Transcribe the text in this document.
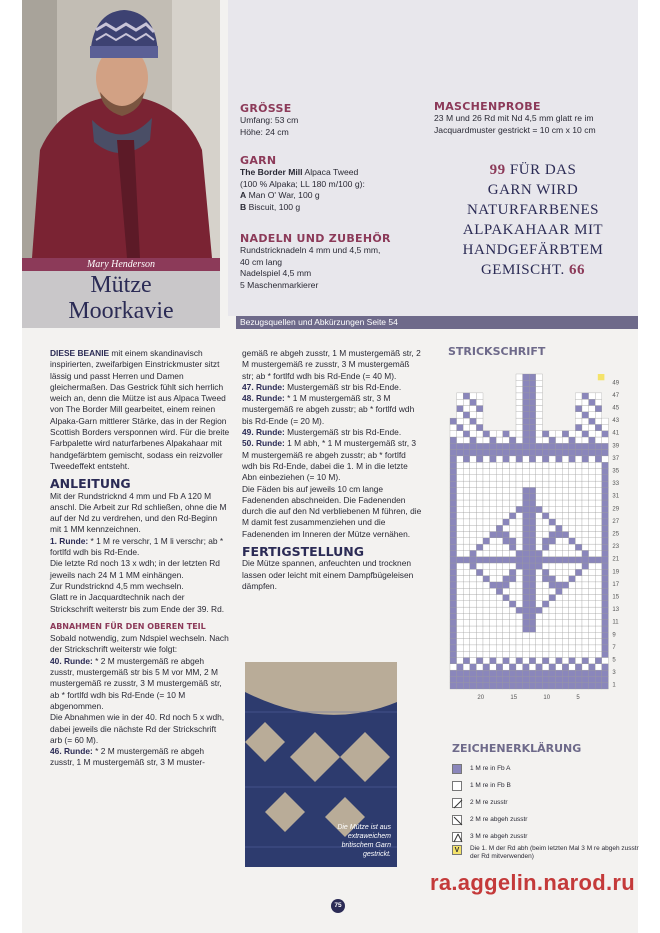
Mary Henderson
Mütze
Moorkavie
GRÖSSE
Umfang: 53 cm
Höhe: 24 cm
GARN
The Border Mill Alpaca Tweed
(100 % Alpaka; LL 180 m/100 g):
A Man O' War, 100 g
B Biscuit, 100 g
NADELN UND ZUBEHÖR
Rundstricknadeln 4 mm und 4,5 mm,
40 cm lang
Nadelspiel 4,5 mm
5 Maschenmarkierer
MASCHENPROBE
23 M und 26 Rd mit Nd 4,5 mm glatt re im
Jacquardmuster gestrickt = 10 cm x 10 cm
99 FÜR DAS
GARN WIRD
NATURFARBENES
ALPAKAHAAR MIT
HANDGEFÄRBTEM
GEMISCHT. 66
Bezugsquellen und Abkürzungen Seite 54
DIESE BEANIE mit einem skandinavisch inspirierten, zweifarbigen Einstrickmuster sitzt lässig und passt Herren und Damen gleichermaßen. Das Gestrick fühlt sich herrlich weich an, denn die Mütze ist aus Alpaca Tweed von The Border Mill gearbeitet, einem reinen Alpaka-Garn mittlerer Stärke, das in der Region Scottish Borders versponnen wird. Für die breite Farbpalette wird naturfarbenes Alpakahaar mit handgefärbtem gemischt, sodass ein reizvoller Tweedeffekt entsteht.
ANLEITUNG
Mit der Rundstricknd 4 mm und Fb A 120 M anschl. Die Arbeit zur Rd schließen, ohne die M auf der Nd zu verdrehen, und den Rd-Beginn mit 1 MM kennzeichnen.
1. Runde: * 1 M re verschr, 1 M li verschr; ab * fortlfd wdh bis Rd-Ende.
Die letzte Rd noch 13 x wdh; in der letzten Rd jeweils nach 24 M 1 MM einhängen.
Zur Rundstricknd 4,5 mm wechseln.
Glatt re in Jacquardtechnik nach der Strickschrift weiterstr bis zum Ende der 39. Rd.
ABNAHMEN FÜR DEN OBEREN TEIL
Sobald notwendig, zum Ndspiel wechseln. Nach der Strickschrift weiterstr wie folgt:
40. Runde: * 2 M mustergemäß re abgeh zusstr, mustergemäß str bis 5 M vor MM, 2 M mustergemäß re zusstr, 3 M mustergemäß str, ab * fortlfd wdh bis Rd-Ende (= 10 M abgenommen.
Die Abnahmen wie in der 40. Rd noch 5 x wdh, dabei jeweils die nächste Rd der Strickschrift arb (= 60 M).
46. Runde: * 2 M mustergemäß re abgeh zusstr, 1 M mustergemäß str, 3 M muster-
gemäß re abgeh zusstr, 1 M mustergemäß str, 2 M mustergemäß re zusstr, 3 M mustergemäß str; ab * fortlfd wdh bis Rd-Ende (= 40 M).
47. Runde: Mustergemäß str bis Rd-Ende.
48. Runde: * 1 M mustergemäß str, 3 M mustergemäß re abgeh zusstr; ab * fortlfd wdh bis Rd-Ende (= 20 M).
49. Runde: Mustergemäß str bis Rd-Ende.
50. Runde: 1 M abh, * 1 M mustergemäß str, 3 M mustergemäß re abgeh zusstr; ab * fortlfd wdh bis Rd-Ende, dabei die 1. M in die letzte Abn einbeziehen (= 10 M).
Die Fäden bis auf jeweils 10 cm lange Fadenenden abschneiden. Die Fadenenden durch die auf den Nd verbliebenen M führen, die M damit fest zusammenziehen und die Fadenenden im Inneren der Mütze vernähen.
FERTIGSTELLUNG
Die Mütze spannen, anfeuchten und trocknen lassen oder leicht mit einem Dampfbügeleisen dämpfen.
Die Mütze ist aus
extraweichem
britischem Garn
gestrickt.
STRICKSCHRIFT
49
47
45
43
41
39
37
35
33
31
29
27
25
23
21
19
17
15
13
11
9
7
5
3
1
20	15	10	5
ZEICHENERKLÄRUNG
1 M re in Fb A
1 M re in Fb B
2 M re zusstr
2 M re abgeh zusstr
3 M re abgeh zusstr
V	Die 1. M der Rd abh (beim letzten Mal 3 M re abgeh zusstr der Rd mitverwenden)
75
ra.aggelin.narod.ru
